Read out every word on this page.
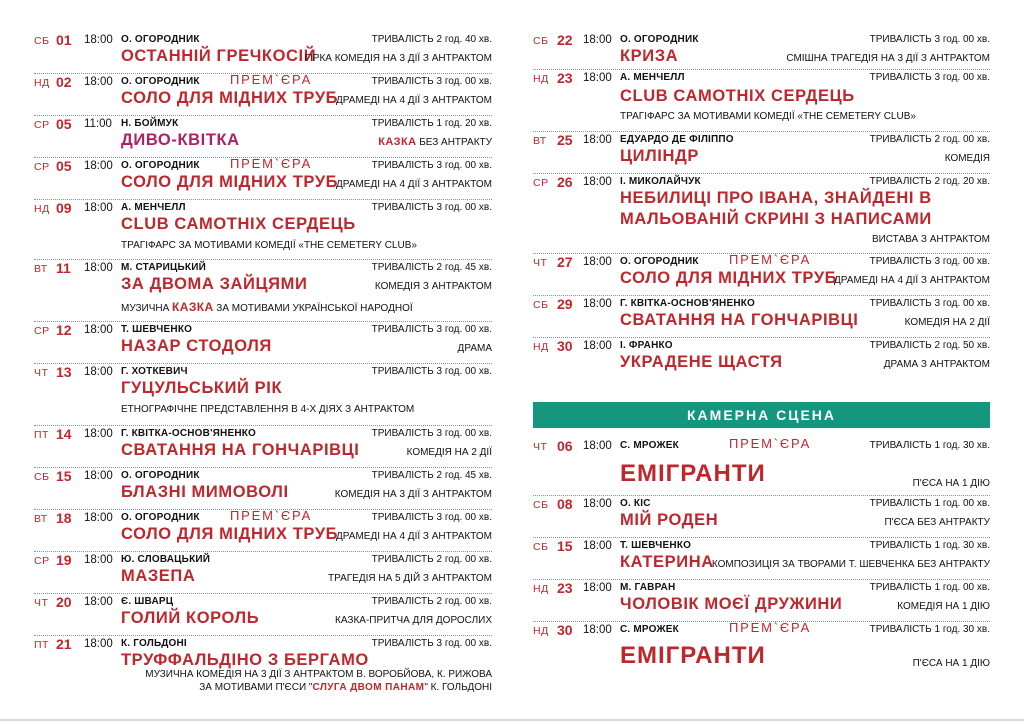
СБ 01 18:00 О. ОГОРОДНИК	ТРИВАЛІСТЬ 2 год. 40 хв.
ОСТАННІЙ ГРЕЧКОСІЙ
ГІРКА КОМЕДІЯ НА 3 ДІЇ З АНТРАКТОМ
НД 02 18:00 О. ОГОРОДНИК ПРЕМ`ЄРА	ТРИВАЛІСТЬ 3 год. 00 хв.
СОЛО ДЛЯ МІДНИХ ТРУБ
ДРАМЕДІ НА 4 ДІЇ З АНТРАКТОМ
СР 05 11:00 Н. БОЙМУК	ТРИВАЛІСТЬ 1 год. 20 хв.
ДИВО-КВІТКА	КАЗКА БЕЗ АНТРАКТУ
СР 05 18:00 О. ОГОРОДНИК ПРЕМ`ЄРА	ТРИВАЛІСТЬ 3 год. 00 хв.
СОЛО ДЛЯ МІДНИХ ТРУБ
ДРАМЕДІ НА 4 ДІЇ З АНТРАКТОМ
НД 09 18:00 А. МЕНЧЕЛЛ	ТРИВАЛІСТЬ 3 год. 00 хв.
CLUB САМОТНІХ СЕРДЕЦЬ
ТРАГІФАРС ЗА МОТИВАМИ КОМЕДІЇ «THE CEMETERY CLUB»
ВТ 11 18:00 М. СТАРИЦЬКИЙ	ТРИВАЛІСТЬ 2 год. 45 хв.
ЗА ДВОМА ЗАЙЦЯМИ	КОМЕДІЯ З АНТРАКТОМ
МУЗИЧНА КАЗКА ЗА МОТИВАМИ УКРАЇНСЬКОЇ НАРОДНОЇ
СР 12 18:00 Т. ШЕВЧЕНКО	ТРИВАЛІСТЬ 3 год. 00 хв.
НАЗАР СТОДОЛЯ	ДРАМА
ЧТ 13 18:00 Г. ХОТКЕВИЧ	ТРИВАЛІСТЬ 3 год. 00 хв.
ГУЦУЛЬСЬКИЙ РІК
ЕТНОГРАФІЧНЕ ПРЕДСТАВЛЕННЯ В 4-Х ДІЯХ З АНТРАКТОМ
ПТ 14 18:00 Г. КВІТКА-ОСНОВ'ЯНЕНКО	ТРИВАЛІСТЬ 3 год. 00 хв.
СВАТАННЯ НА ГОНЧАРІВЦІ	КОМЕДІЯ НА 2 ДІЇ
СБ 15 18:00 О. ОГОРОДНИК	ТРИВАЛІСТЬ 2 год. 45 хв.
БЛАЗНІ МИМОВОЛІ	КОМЕДІЯ НА 3 ДІЇ З АНТРАКТОМ
ВТ 18 18:00 О. ОГОРОДНИК ПРЕМ`ЄРА	ТРИВАЛІСТЬ 3 год. 00 хв.
СОЛО ДЛЯ МІДНИХ ТРУБ
ДРАМЕДІ НА 4 ДІЇ З АНТРАКТОМ
СР 19 18:00 Ю. СЛОВАЦЬКИЙ	ТРИВАЛІСТЬ 2 год. 00 хв.
МАЗЕПА	ТРАГЕДІЯ НА 5 ДІЙ З АНТРАКТОМ
ЧТ 20 18:00 Є. ШВАРЦ	ТРИВАЛІСТЬ 2 год. 00 хв.
ГОЛИЙ КОРОЛЬ	КАЗКА-ПРИТЧА ДЛЯ ДОРОСЛИХ
ПТ 21 18:00 К. ГОЛЬДОНІ	ТРИВАЛІСТЬ 3 год. 00 хв.
ТРУФФАЛЬДІНО З БЕРГАМО
МУЗИЧНА КОМЕДІЯ НА 3 ДІЇ З АНТРАКТОМ В. ВОРОБЙОВА, К. РИЖОВА
ЗА МОТИВАМИ П'ЄСИ "СЛУГА ДВОМ ПАНАМ" К. ГОЛЬДОНІ
СБ 22 18:00 О. ОГОРОДНИК	ТРИВАЛІСТЬ 3 год. 00 хв.
КРИЗА	СМІШНА ТРАГЕДІЯ НА 3 ДІЇ З АНТРАКТОМ
НД 23 18:00 А. МЕНЧЕЛЛ	ТРИВАЛІСТЬ 3 год. 00 хв.
CLUB САМОТНІХ СЕРДЕЦЬ
ТРАГІФАРС ЗА МОТИВАМИ КОМЕДІЇ «THE CEMETERY CLUB»
ВТ 25 18:00 ЕДУАРДО ДЕ ФІЛІППО	ТРИВАЛІСТЬ 2 год. 00 хв.
ЦИЛІНДР	КОМЕДІЯ
СР 26 18:00 І. МИКОЛАЙЧУК	ТРИВАЛІСТЬ 2 год. 20 хв.
НЕБИЛИЦІ ПРО ІВАНА, ЗНАЙДЕНІ В
МАЛЬОВАНІЙ СКРИНІ З НАПИСАМИ
ВИСТАВА З АНТРАКТОМ
ЧТ 27 18:00 О. ОГОРОДНИК ПРЕМ`ЄРА	ТРИВАЛІСТЬ 3 год. 00 хв.
СОЛО ДЛЯ МІДНИХ ТРУБ
ДРАМЕДІ НА 4 ДІЇ З АНТРАКТОМ
СБ 29 18:00 Г. КВІТКА-ОСНОВ'ЯНЕНКО	ТРИВАЛІСТЬ 3 год. 00 хв.
СВАТАННЯ НА ГОНЧАРІВЦІ	КОМЕДІЯ НА 2 ДІЇ
НД 30 18:00 І. ФРАНКО	ТРИВАЛІСТЬ 2 год. 50 хв.
УКРАДЕНЕ ЩАСТЯ	ДРАМА З АНТРАКТОМ
КАМЕРНА СЦЕНА
ЧТ 06 18:00 С. МРОЖЕК	ПРЕМ`ЄРА	ТРИВАЛІСТЬ 1 год. 30 хв.
ЕМІГРАНТИ	П'ЄСА НА 1 ДІЮ
СБ 08 18:00 О. КІС	ТРИВАЛІСТЬ 1 год. 00 хв.
МІЙ РОДЕН	П'ЄСА БЕЗ АНТРАКТУ
СБ 15 18:00 Т. ШЕВЧЕНКО	ТРИВАЛІСТЬ 1 год. 30 хв.
КАТЕРИНА
КОМПОЗИЦІЯ ЗА ТВОРАМИ Т. ШЕВЧЕНКА БЕЗ АНТРАКТУ
НД 23 18:00 М. ГАВРАН	ТРИВАЛІСТЬ 1 год. 00 хв.
ЧОЛОВІК МОЄЇ ДРУЖИНИ	КОМЕДІЯ НА 1 ДІЮ
НД 30 18:00 С. МРОЖЕК	ПРЕМ`ЄРА	ТРИВАЛІСТЬ 1 год. 30 хв.
ЕМІГРАНТИ	П'ЄСА НА 1 ДІЮ
